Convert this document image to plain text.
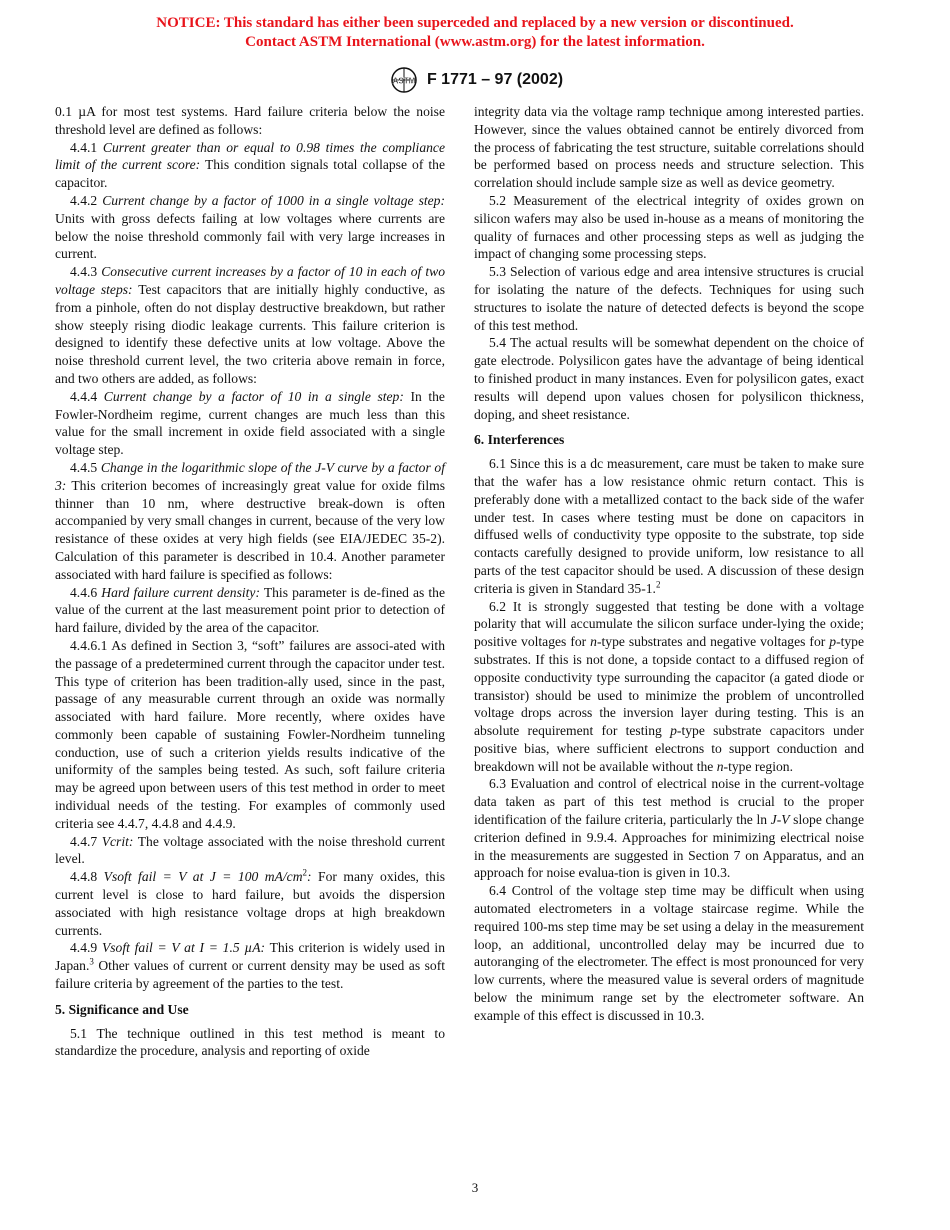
NOTICE: This standard has either been superceded and replaced by a new version or discontinued.
Contact ASTM International (www.astm.org) for the latest information.
ASTM F 1771 – 97 (2002)

0.1 µA for most test systems. Hard failure criteria below the noise threshold level are defined as follows:

4.4.1 Current greater than or equal to 0.98 times the compliance limit of the current score: This condition signals total collapse of the capacitor.

4.4.2 Current change by a factor of 1000 in a single voltage step: Units with gross defects failing at low voltages where currents are below the noise threshold commonly fail with very large increases in current.

4.4.3 Consecutive current increases by a factor of 10 in each of two voltage steps: Test capacitors that are initially highly conductive, as from a pinhole, often do not display destructive breakdown, but rather show steeply rising diodic leakage currents. This failure criterion is designed to identify these defective units at low voltage. Above the noise threshold current level, the two criteria above remain in force, and two others are added, as follows:

4.4.4 Current change by a factor of 10 in a single step: In the Fowler-Nordheim regime, current changes are much less than this value for the small increment in oxide field associated with a single voltage step.

4.4.5 Change in the logarithmic slope of the J-V curve by a factor of 3: This criterion becomes of increasingly great value for oxide films thinner than 10 nm, where destructive break-down is often accompanied by very small changes in current, because of the very low resistance of these oxides at very high fields (see EIA/JEDEC 35-2). Calculation of this parameter is described in 10.4. Another parameter associated with hard failure is specified as follows:

4.4.6 Hard failure current density: This parameter is de-fined as the value of the current at the last measurement point prior to detection of hard failure, divided by the area of the capacitor.

4.4.6.1 As defined in Section 3, “soft” failures are associ-ated with the passage of a predetermined current through the capacitor under test. This type of criterion has been tradition-ally used, since in the past, passage of any measurable current through an oxide was normally associated with hard failure. More recently, where oxides have commonly been capable of sustaining Fowler-Nordheim tunneling conduction, use of such a criterion yields results indicative of the uniformity of the samples being tested. As such, soft failure criteria may be agreed upon between users of this test method in order to meet individual needs of the testing. For examples of commonly used criteria see 4.4.7, 4.4.8 and 4.4.9.

4.4.7 Vcrit: The voltage associated with the noise threshold current level.

4.4.8 Vsoft fail = V at J = 100 $mA/cm^2$: For many oxides, this current level is close to hard failure, but avoids the dispersion associated with high resistance voltage drops at high breakdown currents.

4.4.9 Vsoft fail = V at I = 1.5 µA: This criterion is widely used in Japan.$^3$ Other values of current or current density may be used as soft failure criteria by agreement of the parties to the test.

5. Significance and Use

5.1 The technique outlined in this test method is meant to standardize the procedure, analysis and reporting of oxide

integrity data via the voltage ramp technique among interested parties. However, since the values obtained cannot be entirely divorced from the process of fabricating the test structure, suitable correlations should be performed based on process needs and structure selection. This correlation should include sample size as well as device geometry.

5.2 Measurement of the electrical integrity of oxides grown on silicon wafers may also be used in-house as a means of monitoring the quality of furnaces and other processing steps as well as judging the impact of changing some processing steps.

5.3 Selection of various edge and area intensive structures is crucial for isolating the nature of the defects. Techniques for using such structures to isolate the nature of detected defects is beyond the scope of this test method.

5.4 The actual results will be somewhat dependent on the choice of gate electrode. Polysilicon gates have the advantage of being identical to finished product in many instances. Even for polysilicon gates, exact results will depend upon values chosen for polysilicon thickness, doping, and sheet resistance.

6. Interferences

6.1 Since this is a dc measurement, care must be taken to make sure that the wafer has a low resistance ohmic return contact. This is preferably done with a metallized contact to the back side of the wafer under test. In cases where testing must be done on capacitors in diffused wells of conductivity type opposite to the substrate, top side contacts carefully designed to provide uniform, low resistance to all parts of the test capacitor should be used. A discussion of these design criteria is given in Standard 35-1.$^2$

6.2 It is strongly suggested that testing be done with a voltage polarity that will accumulate the silicon surface under-lying the oxide; positive voltages for n-type substrates and negative voltages for p-type substrates. If this is not done, a topside contact to a diffused region of opposite conductivity type surrounding the capacitor (a gated diode or transistor) should be used to minimize the problem of uncontrolled voltage drops across the inversion layer during testing. This is an absolute requirement for testing p-type substrate capacitors under positive bias, where sufficient electrons to support conduction and breakdown will not be available without the n-type region.

6.3 Evaluation and control of electrical noise in the current-voltage data taken as part of this test method is crucial to the proper identification of the failure criteria, particularly the ln J-V slope change criterion defined in 9.9.4. Approaches for minimizing electrical noise in the measurements are suggested in Section 7 on Apparatus, and an approach for noise evalua-tion is given in 10.3.

6.4 Control of the voltage step time may be difficult when using automated electrometers in a voltage staircase regime. While the required 100-ms step time may be set using a delay in the measurement loop, an additional, uncontrolled delay may be incurred due to autoranging of the electrometer. The effect is most pronounced for very low currents, where the measured value is several orders of magnitude below the minimum range set by the electrometer software. An example of this effect is discussed in 10.3.

3
